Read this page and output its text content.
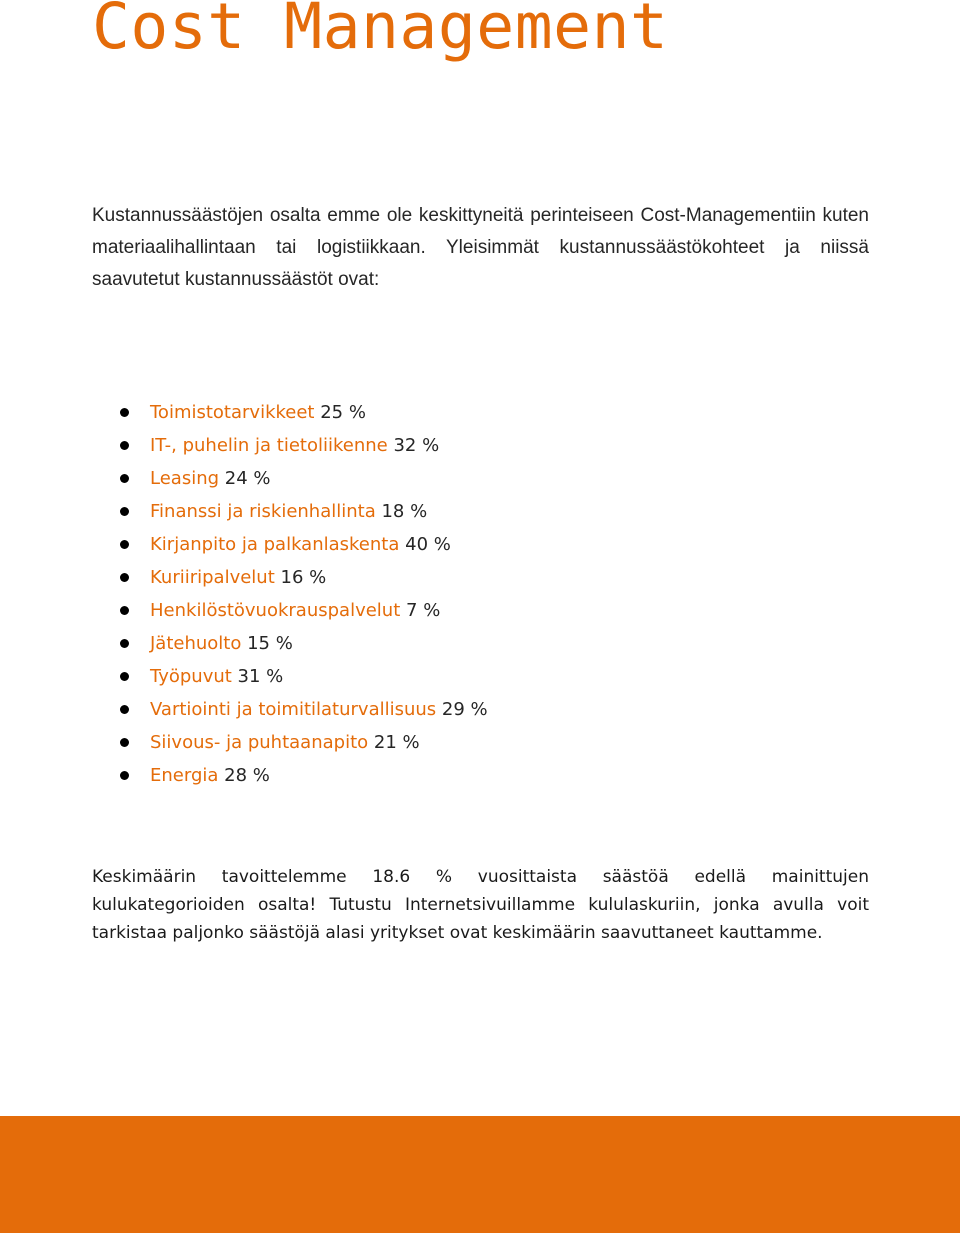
Cost Management

Kustannussäästöjen osalta emme ole keskittyneitä perinteiseen Cost-Managementiin kuten materiaalihallintaan tai logistiikkaan. Yleisimmät kustannussäästökohteet ja niissä saavutetut kustannussäästöt ovat:

Toimistotarvikkeet 25 %
IT-, puhelin ja tietoliikenne 32 %
Leasing 24 %
Finanssi ja riskienhallinta 18 %
Kirjanpito ja palkanlaskenta 40 %
Kuriiripalvelut 16 %
Henkilöstövuokrauspalvelut 7 %
Jätehuolto 15 %
Työpuvut 31 %
Vartiointi ja toimitilaturvallisuus 29 %
Siivous- ja puhtaanapito 21 %
Energia 28 %

Keskimäärin tavoittelemme 18.6 % vuosittaista säästöä edellä mainittujen kulukategorioiden osalta! Tutustu Internetsivuillamme kululaskuriin, jonka avulla voit tarkistaa paljonko säästöjä alasi yritykset ovat keskimäärin saavuttaneet kauttamme.
